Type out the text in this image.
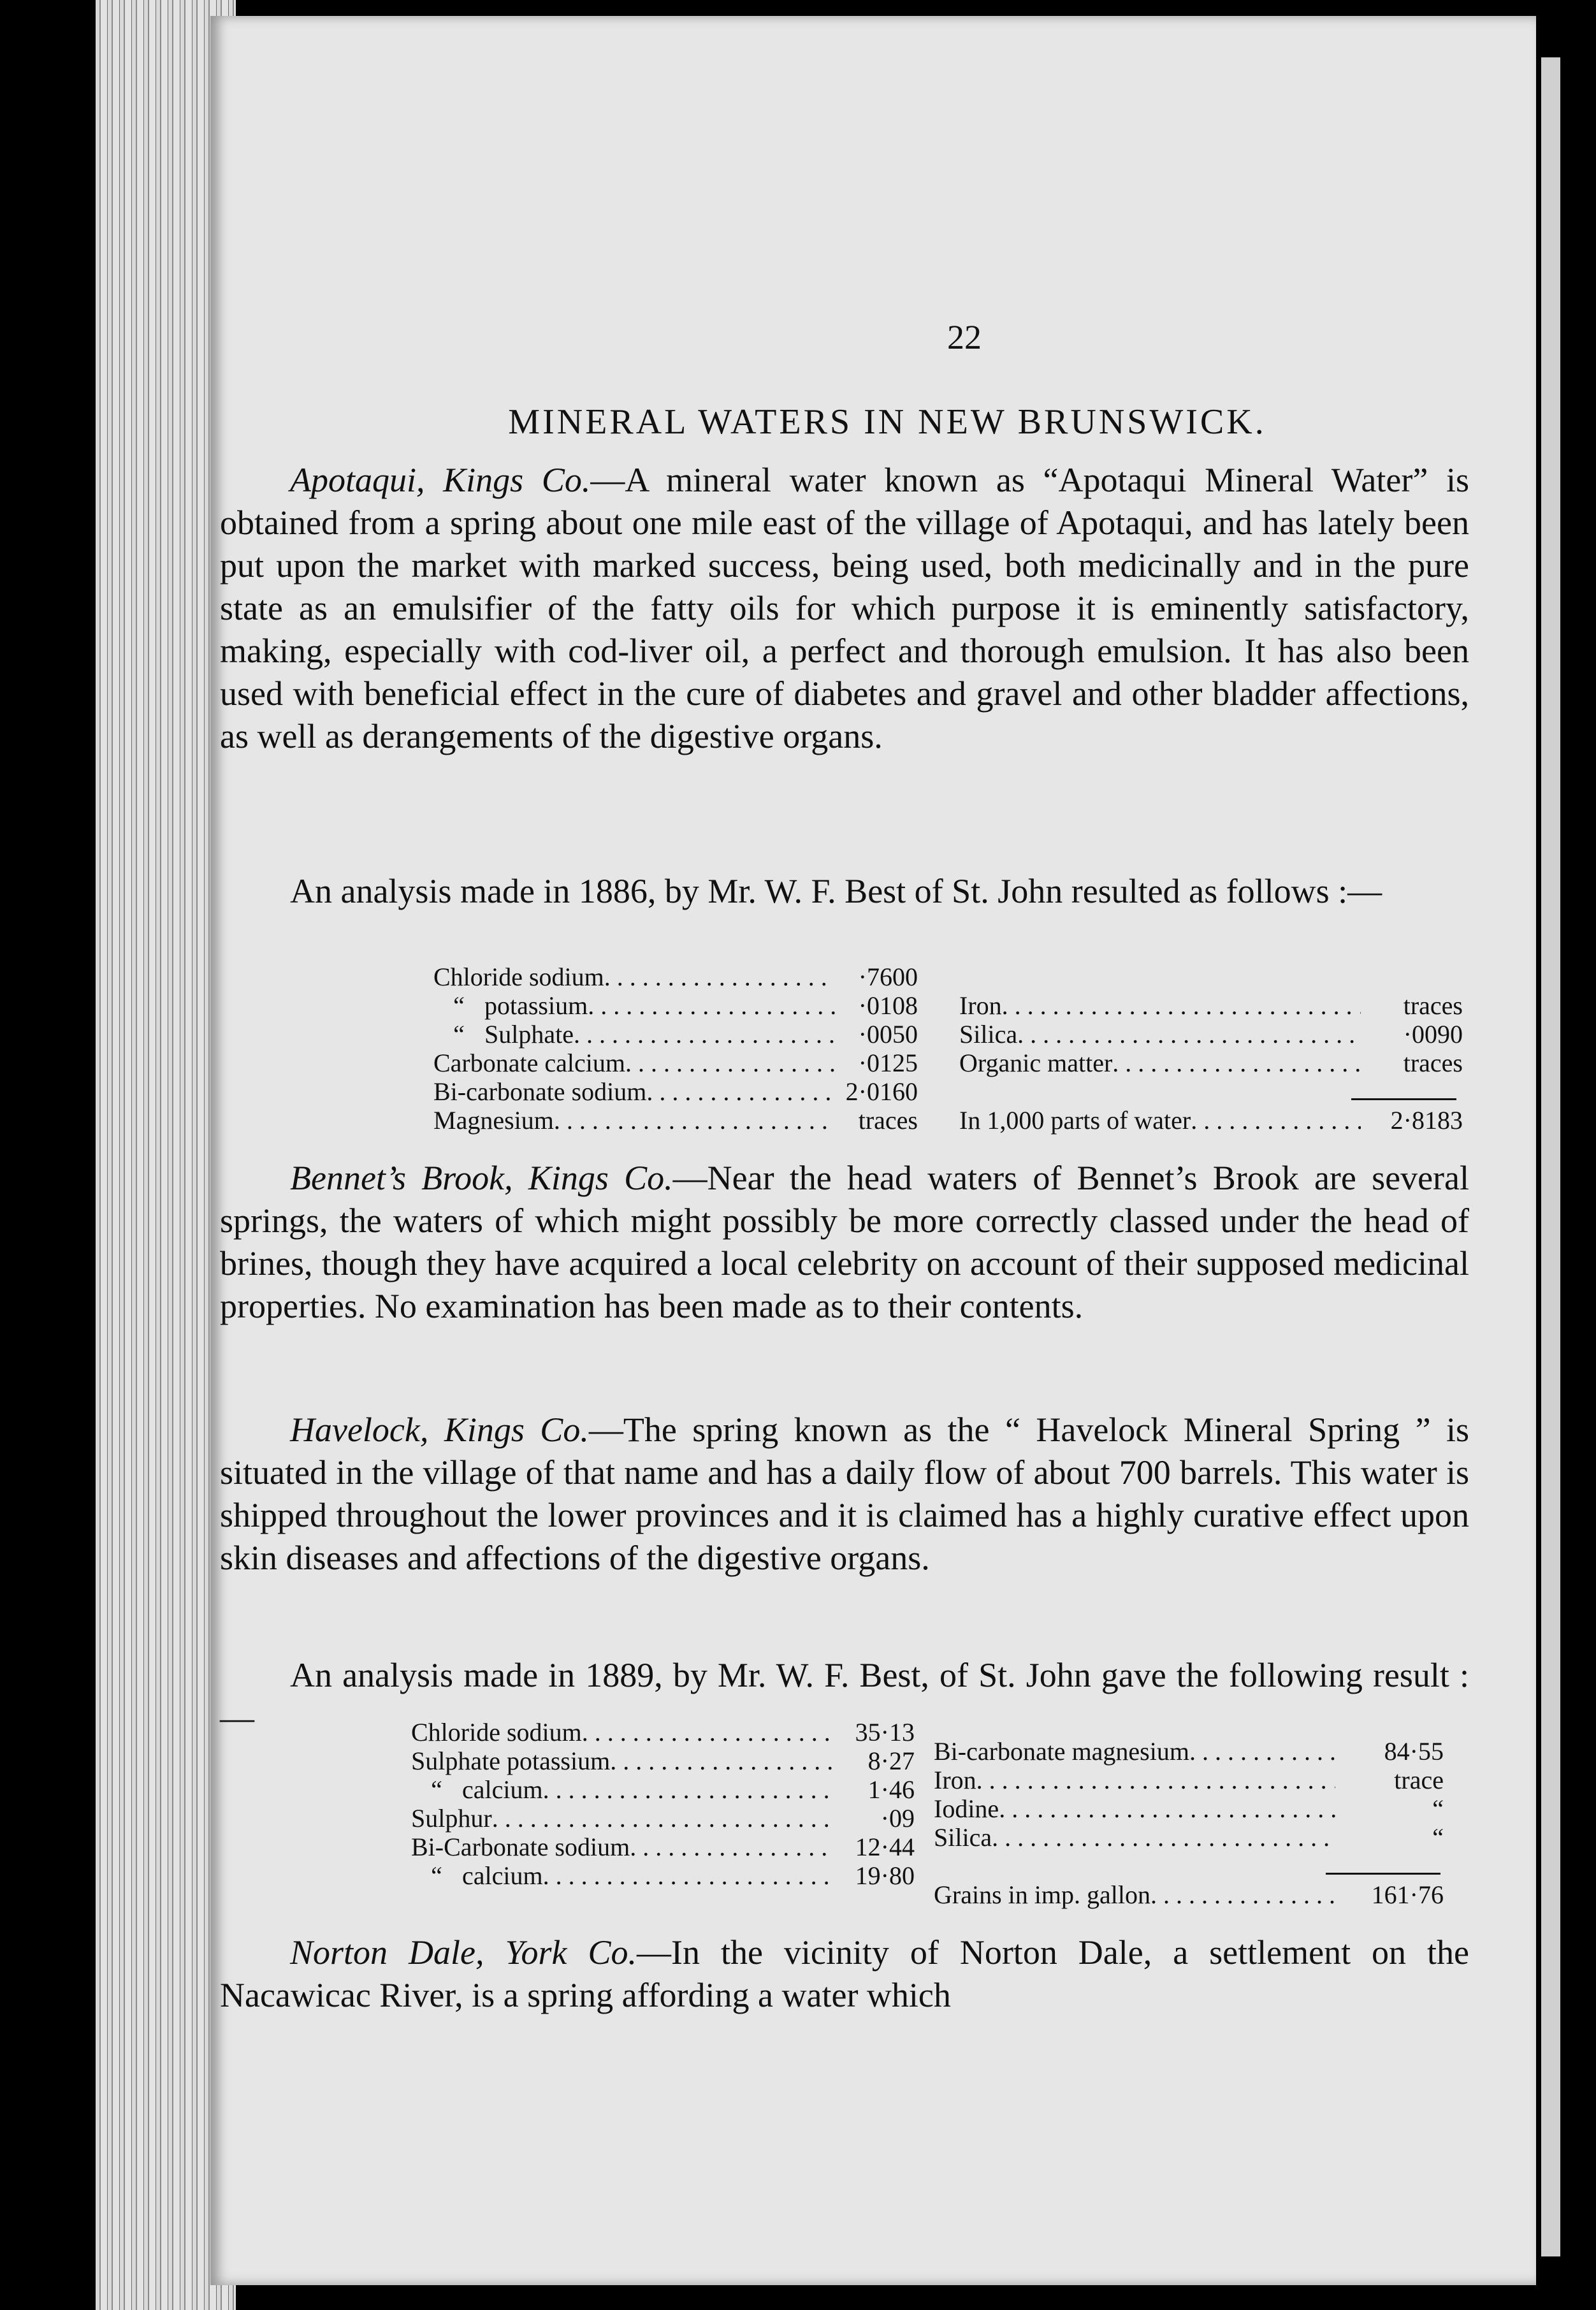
22
MINERAL WATERS IN NEW BRUNSWICK.

Apotaqui, Kings Co.—A mineral water known as “Apotaqui Mineral Water” is obtained from a spring about one mile east of the village of Apotaqui, and has lately been put upon the market with marked success, being used, both medicinally and in the pure state as an emulsifier of the fatty oils for which purpose it is eminently satisfactory, making, especially with cod-liver oil, a perfect and thorough emulsion. It has also been used with beneficial effect in the cure of diabetes and gravel and other bladder affections, as well as derangements of the digestive organs.

An analysis made in 1886, by Mr. W. F. Best of St. John resulted as follows :—

Chloride sodium . . .	·7600
“ potassium . . .	·0108
“ Sulphate . . .	·0050
Carbonate calcium . . .	·0125
Bi-carbonate sodium . . .	2·0160
Magnesium . . .	traces
Iron . . .	traces
Silica . . .	·0090
Organic matter . . .	traces
In 1,000 parts of water . . .	2·8183

Bennet’s Brook, Kings Co.—Near the head waters of Bennet’s Brook are several springs, the waters of which might possibly be more correctly classed under the head of brines, though they have acquired a local celebrity on account of their supposed medicinal properties. No examination has been made as to their contents.

Havelock, Kings Co.—The spring known as the “ Havelock Mineral Spring ” is situated in the village of that name and has a daily flow of about 700 barrels. This water is shipped throughout the lower provinces and it is claimed has a highly curative effect upon skin diseases and affections of the digestive organs.

An analysis made in 1889, by Mr. W. F. Best, of St. John gave the following result :—	Chloride sodium . . .	35·13
Sulphate potassium . . .	8·27
“ calcium . . .	1·46
Sulphur . . .	·09
Bi-Carbonate sodium . . .	12·44
“ calcium . . .	19·80
Bi-carbonate magnesium . . .	84·55
Iron . . .	trace
Iodine . . .	“
Silica . . .	“
Grains in imp. gallon . . .	161·76

Norton Dale, York Co.—In the vicinity of Norton Dale, a settlement on the Nacawicac River, is a spring affording a water which
